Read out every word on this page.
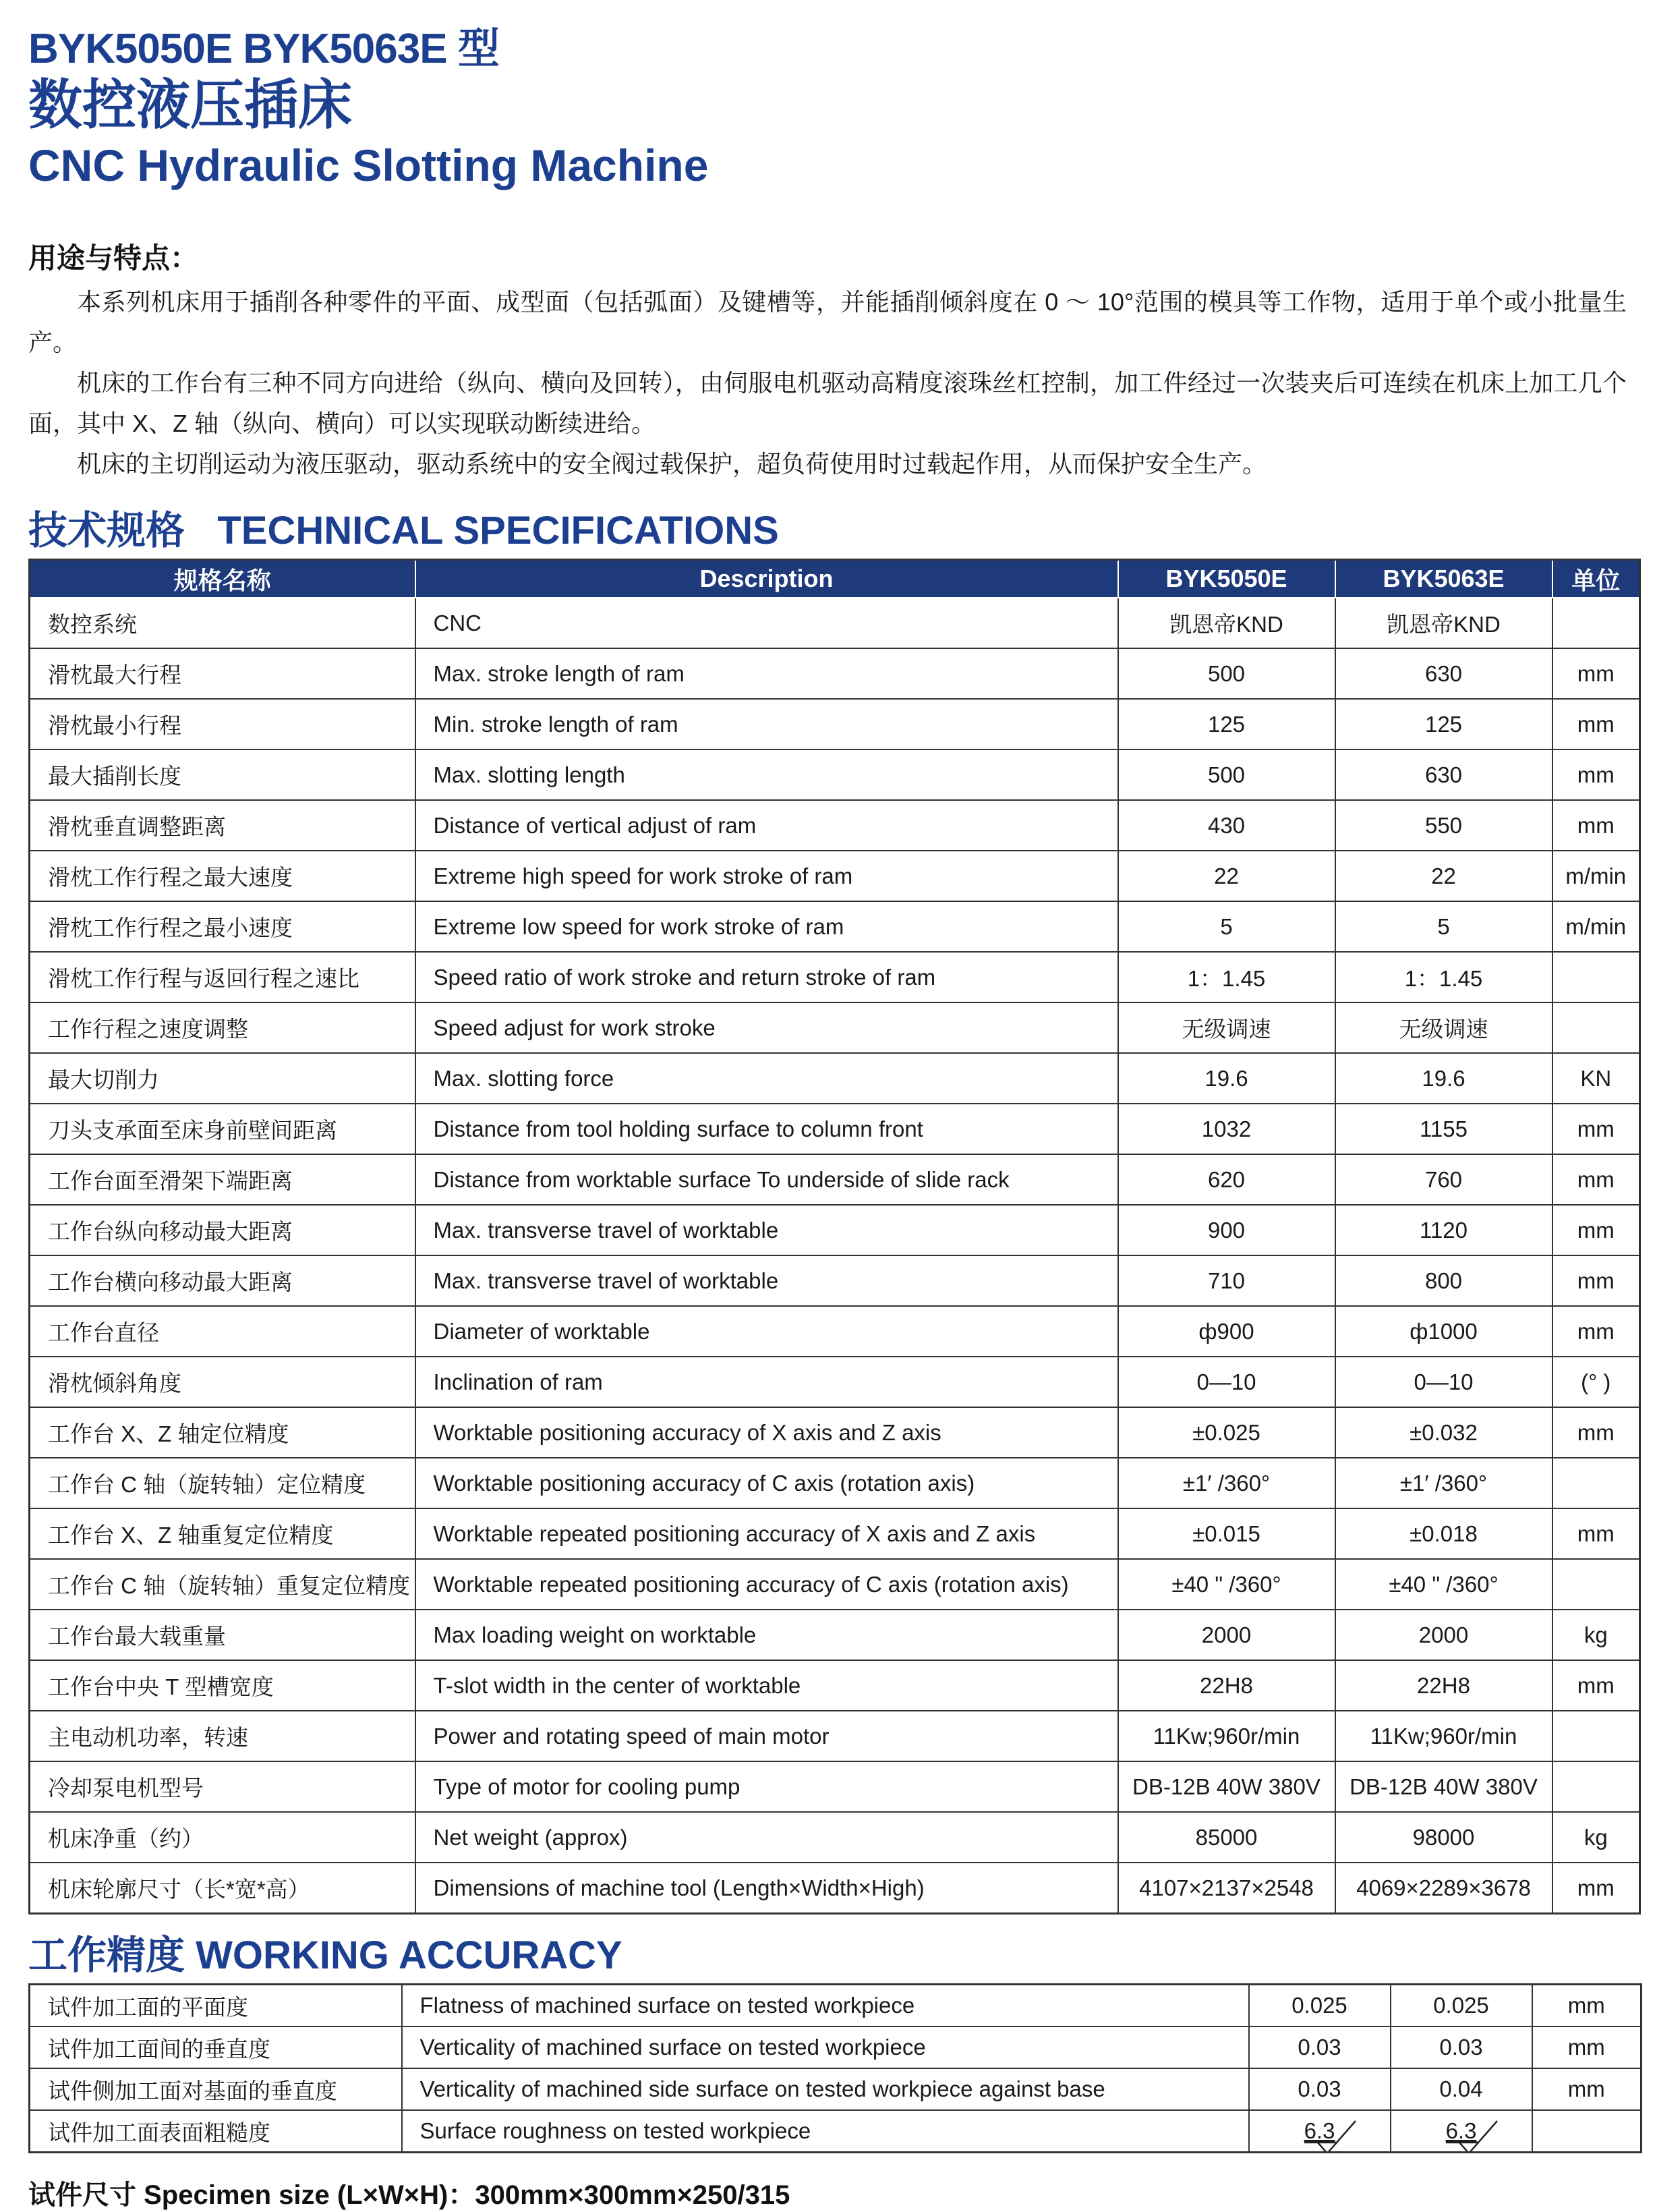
BYK5050E BYK5063E 型
数控液压插床
CNC Hydraulic Slotting Machine
用途与特点：

本系列机床用于插削各种零件的平面、成型面（包括弧面）及键槽等，并能插削倾斜度在 0 ～ 10°范围的模具等工作物，适用于单个或小批量生产。

机床的工作台有三种不同方向进给（纵向、横向及回转），由伺服电机驱动高精度滚珠丝杠控制，加工件经过一次装夹后可连续在机床上加工几个面，其中 X、Z 轴（纵向、横向）可以实现联动断续进给。

机床的主切削运动为液压驱动，驱动系统中的安全阀过载保护，超负荷使用时过载起作用，从而保护安全生产。

技术规格   TECHNICAL SPECIFICATIONS
规格名称	Description	BYK5050E	BYK5063E	单位
数控系统	CNC	凯恩帝KND	凯恩帝KND	
滑枕最大行程	Max. stroke length of ram	500	630	mm
滑枕最小行程	Min. stroke length of ram	125	125	mm
最大插削长度	Max. slotting length	500	630	mm
滑枕垂直调整距离	Distance of vertical adjust of ram	430	550	mm
滑枕工作行程之最大速度	Extreme high speed for work stroke of ram	22	22	m/min
滑枕工作行程之最小速度	Extreme low speed for work stroke of ram	5	5	m/min
滑枕工作行程与返回行程之速比	Speed ratio of work stroke and return stroke of ram	1：1.45	1：1.45	
工作行程之速度调整	Speed adjust for work stroke	无级调速	无级调速	
最大切削力	Max. slotting force	19.6	19.6	KN
刀头支承面至床身前壁间距离	Distance from tool holding surface to column front	1032	1155	mm
工作台面至滑架下端距离	Distance from worktable surface To underside of slide rack	620	760	mm
工作台纵向移动最大距离	Max. transverse travel of worktable	900	1120	mm
工作台横向移动最大距离	Max. transverse travel of worktable	710	800	mm
工作台直径	Diameter of worktable	ф900	ф1000	mm
滑枕倾斜角度	Inclination of ram	0—10	0—10	(° )
工作台 X、Z 轴定位精度	Worktable positioning accuracy of X axis and Z axis	±0.025	±0.032	mm
工作台 C 轴（旋转轴）定位精度	Worktable positioning accuracy of C axis (rotation axis)	±1′ /360°	±1′ /360°	
工作台 X、Z 轴重复定位精度	Worktable repeated positioning accuracy of X axis and Z axis	±0.015	±0.018	mm
工作台 C 轴（旋转轴）重复定位精度	Worktable repeated positioning accuracy of C axis (rotation axis)	±40 " /360°	±40 " /360°	
工作台最大载重量	Max loading weight on worktable	2000	2000	kg
工作台中央 T 型槽宽度	T-slot width in the center of worktable	22H8	22H8	mm
主电动机功率，转速	Power and rotating speed of main motor	11Kw;960r/min	11Kw;960r/min	
冷却泵电机型号	Type of motor for cooling pump	DB-12B 40W 380V	DB-12B 40W 380V	
机床净重（约）	Net weight (approx)	85000	98000	kg
机床轮廓尺寸（长*宽*高）	Dimensions of machine tool (Length×Width×High)	4107×2137×2548	4069×2289×3678	mm
工作精度 WORKING ACCURACY
试件加工面的平面度	Flatness of machined surface on tested workpiece	0.025	0.025	mm
试件加工面间的垂直度	Verticality of machined surface on tested workpiece	0.03	0.03	mm
试件侧加工面对基面的垂直度	Verticality of machined side surface on tested workpiece against base	0.03	0.04	mm
试件加工面表面粗糙度	Surface roughness on tested workpiece	6.3	6.3

试件尺寸 Specimen size (L×W×H)：300mm×300mm×250/315
